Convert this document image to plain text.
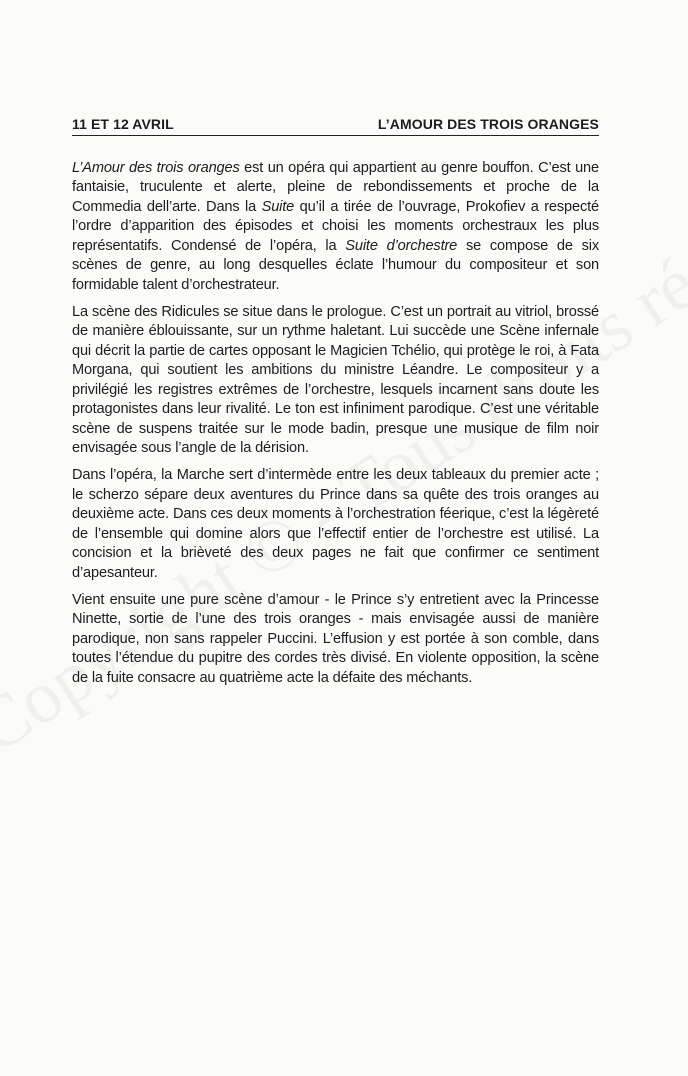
11 ET 12 AVRIL	L’AMOUR DES TROIS ORANGES

L’Amour des trois oranges est un opéra qui appartient au genre bouffon. C’est une fantaisie, truculente et alerte, pleine de rebondissements et proche de la Commedia dell’arte. Dans la Suite qu’il a tirée de l’ouvrage, Prokofiev a respecté l’ordre d’apparition des épisodes et choisi les moments orchestraux les plus représentatifs. Condensé de l’opéra, la Suite d’orchestre se compose de six scènes de genre, au long desquelles éclate l’humour du compositeur et son formidable talent d’orchestrateur.

La scène des Ridicules se situe dans le prologue. C’est un portrait au vitriol, brossé de manière éblouissante, sur un rythme haletant. Lui succède une Scène infernale qui décrit la partie de cartes opposant le Magicien Tchélio, qui protège le roi, à Fata Morgana, qui soutient les ambitions du ministre Léandre. Le compositeur y a privilégié les registres extrêmes de l’orchestre, lesquels incarnent sans doute les protagonistes dans leur rivalité. Le ton est infiniment parodique. C’est une véritable scène de suspens traitée sur le mode badin, presque une musique de film noir envisagée sous l’angle de la dérision.

Dans l’opéra, la Marche sert d’intermède entre les deux tableaux du premier acte ; le scherzo sépare deux aventures du Prince dans sa quête des trois oranges au deuxième acte. Dans ces deux moments à l’orchestration féerique, c’est la légèreté de l’ensemble qui domine alors que l’effectif entier de l’orchestre est utilisé. La concision et la brièveté des deux pages ne fait que confirmer ce sentiment d’apesanteur.

Vient ensuite une pure scène d’amour - le Prince s’y entretient avec la Princesse Ninette, sortie de l’une des trois oranges - mais envisagée aussi de manière parodique, non sans rappeler Puccini. L’effusion y est portée à son comble, dans toutes l’étendue du pupitre des cordes très divisé. En violente opposition, la scène de la fuite consacre au quatrième acte la défaite des méchants.
